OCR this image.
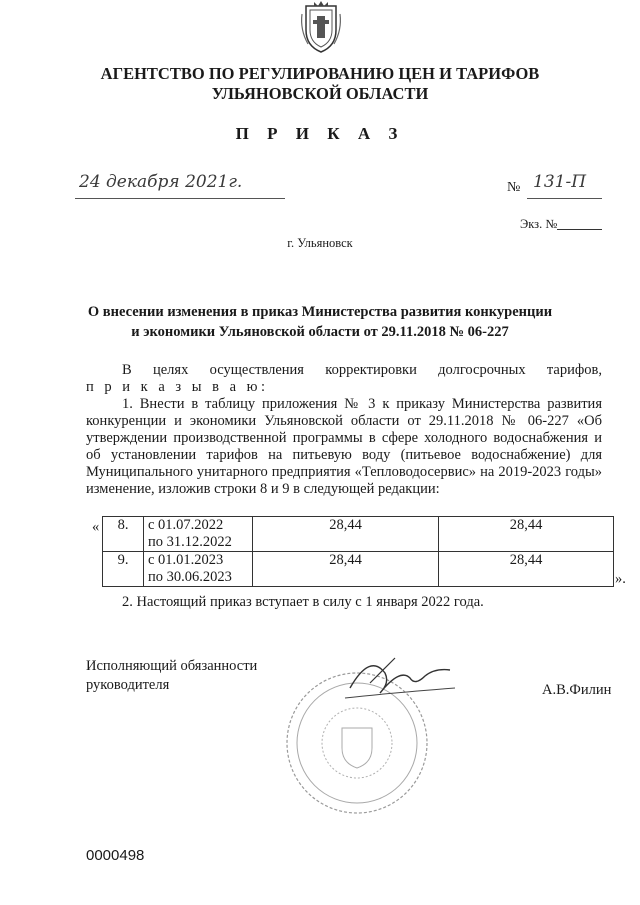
АГЕНТСТВО ПО РЕГУЛИРОВАНИЮ ЦЕН И ТАРИФОВ
УЛЬЯНОВСКОЙ ОБЛАСТИ
П Р И К А З
24 декабря 2021г.	№ 131-П
Экз. №
г. Ульяновск
О внесении изменения в приказ Министерства развития конкуренции
и экономики Ульяновской области от 29.11.2018 № 06-227
В целях осуществления корректировки долгосрочных тарифов,
п р и к а з ы в а ю:
1. Внести в таблицу приложения № 3 к приказу Министерства развития конкуренции и экономики Ульяновской области от 29.11.2018 № 06-227 «Об утверждении производственной программы в сфере холодного водоснабжения и об установлении тарифов на питьевую воду (питьевое водоснабжение) для Муниципального унитарного предприятия «Тепловодосервис» на 2019-2023 годы» изменение, изложив строки 8 и 9 в следующей редакции:
« 8.	с 01.07.2022
по 31.12.2022	28,44	28,44
9.	с 01.01.2023
по 30.06.2023	28,44	28,44
».
2. Настоящий приказ вступает в силу с 1 января 2022 года.
Исполняющий обязанности
руководителя	А.В.Филин
0000498
